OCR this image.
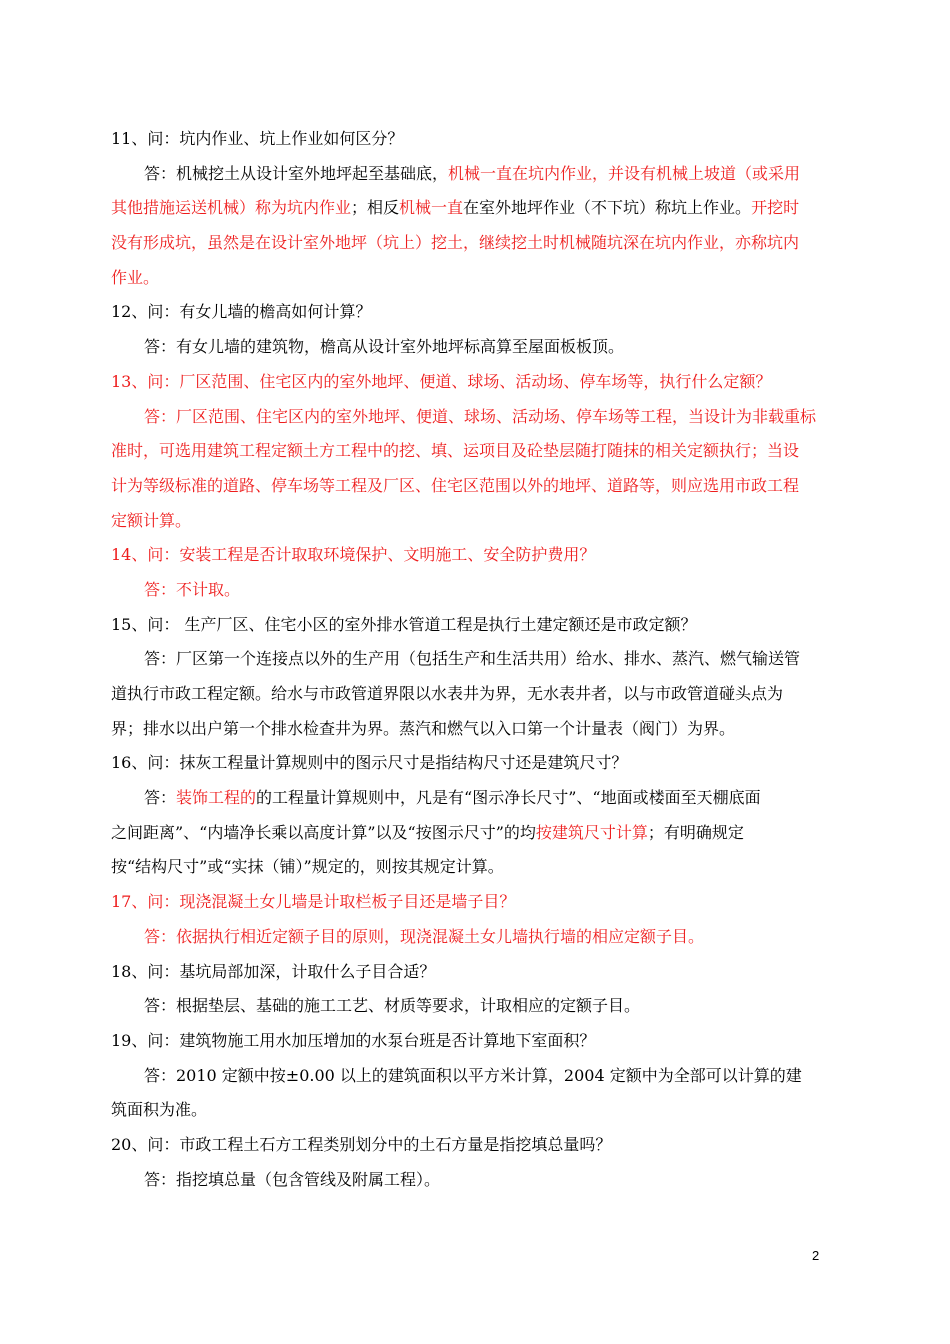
11、问：坑内作业、坑上作业如何区分？
答：机械挖土从设计室外地坪起至基础底，机械一直在坑内作业，并设有机械上坡道（或采用
其他措施运送机械）称为坑内作业；相反机械一直在室外地坪作业（不下坑）称坑上作业。开挖时
没有形成坑，虽然是在设计室外地坪（坑上）挖土，继续挖土时机械随坑深在坑内作业，亦称坑内
作业。
12、问：有女儿墙的檐高如何计算？
答：有女儿墙的建筑物，檐高从设计室外地坪标高算至屋面板板顶。
13、问：厂区范围、住宅区内的室外地坪、便道、球场、活动场、停车场等，执行什么定额？
答：厂区范围、住宅区内的室外地坪、便道、球场、活动场、停车场等工程，当设计为非载重标
准时，可选用建筑工程定额土方工程中的挖、填、运项目及砼垫层随打随抹的相关定额执行；当设
计为等级标准的道路、停车场等工程及厂区、住宅区范围以外的地坪、道路等，则应选用市政工程
定额计算。
14、问：安装工程是否计取取环境保护、文明施工、安全防护费用？
答：不计取。
15、问： 生产厂区、住宅小区的室外排水管道工程是执行土建定额还是市政定额？
答：厂区第一个连接点以外的生产用（包括生产和生活共用）给水、排水、蒸汽、燃气输送管
道执行市政工程定额。给水与市政管道界限以水表井为界，无水表井者，以与市政管道碰头点为
界；排水以出户第一个排水检查井为界。蒸汽和燃气以入口第一个计量表（阀门）为界。
16、问：抹灰工程量计算规则中的图示尺寸是指结构尺寸还是建筑尺寸？
答：装饰工程的的工程量计算规则中，凡是有“图示净长尺寸”、“地面或楼面至天棚底面
之间距离”、“内墙净长乘以高度计算”以及“按图示尺寸”的均按建筑尺寸计算；有明确规定
按“结构尺寸”或“实抹（铺）”规定的，则按其规定计算。
17、问：现浇混凝土女儿墙是计取栏板子目还是墙子目？
答：依据执行相近定额子目的原则，现浇混凝土女儿墙执行墙的相应定额子目。
18、问：基坑局部加深，计取什么子目合适？
答：根据垫层、基础的施工工艺、材质等要求，计取相应的定额子目。
19、问：建筑物施工用水加压增加的水泵台班是否计算地下室面积？
答：2010 定额中按±0.00 以上的建筑面积以平方米计算，2004 定额中为全部可以计算的建
筑面积为准。
20、问：市政工程土石方工程类别划分中的土石方量是指挖填总量吗？
答：指挖填总量（包含管线及附属工程）。
2
